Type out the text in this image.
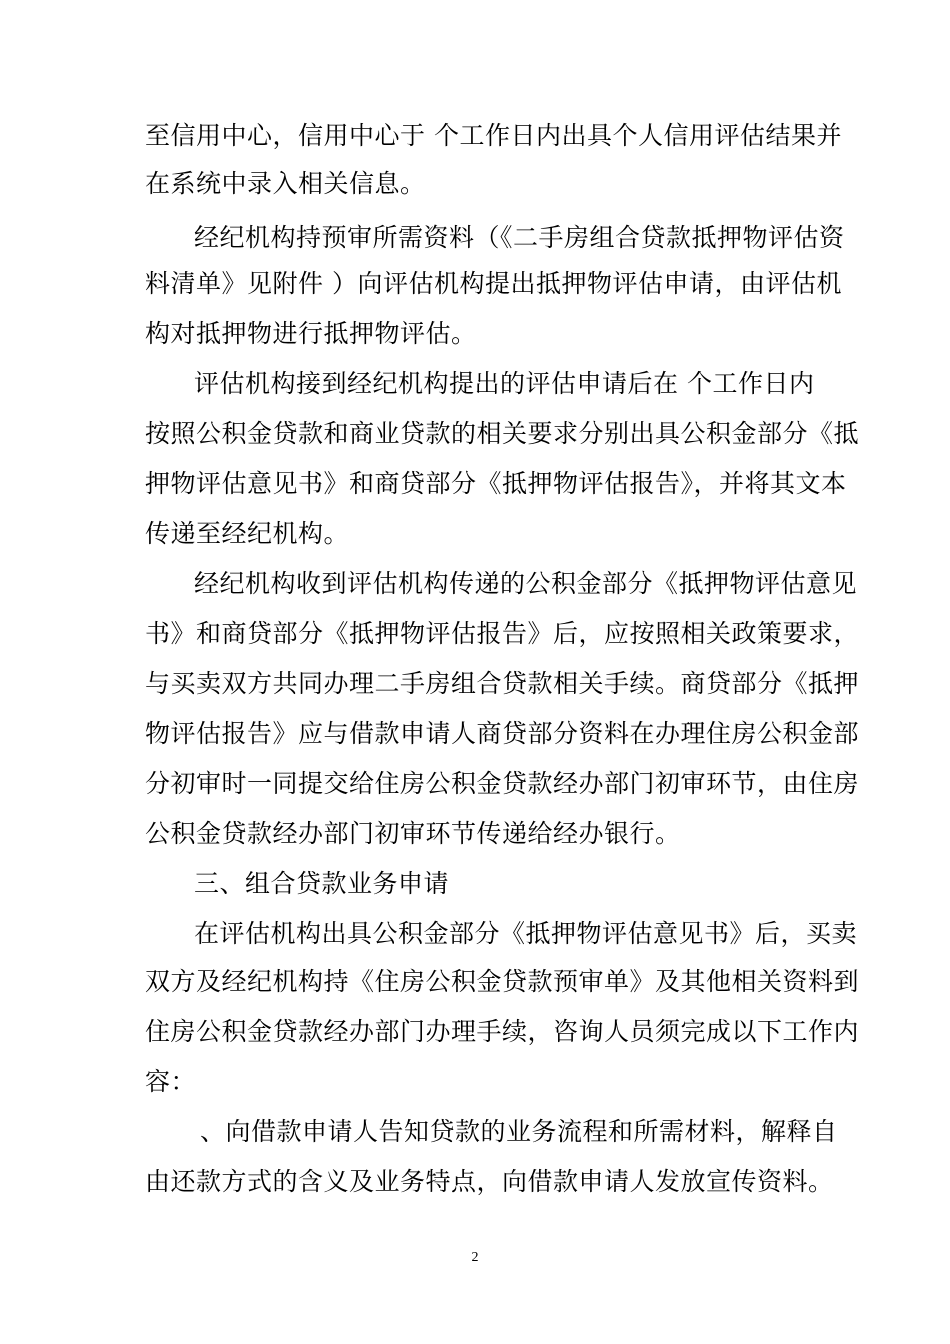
至信用中心，信用中心于 个工作日内出具个人信用评估结果并
在系统中录入相关信息。
经纪机构持预审所需资料（《二手房组合贷款抵押物评估资
料清单》见附件 ）向评估机构提出抵押物评估申请，由评估机
构对抵押物进行抵押物评估。
评估机构接到经纪机构提出的评估申请后在 个工作日内
按照公积金贷款和商业贷款的相关要求分别出具公积金部分《抵
押物评估意见书》和商贷部分《抵押物评估报告》，并将其文本
传递至经纪机构。
经纪机构收到评估机构传递的公积金部分《抵押物评估意见
书》和商贷部分《抵押物评估报告》后，应按照相关政策要求，
与买卖双方共同办理二手房组合贷款相关手续。商贷部分《抵押
物评估报告》应与借款申请人商贷部分资料在办理住房公积金部
分初审时一同提交给住房公积金贷款经办部门初审环节，由住房
公积金贷款经办部门初审环节传递给经办银行。
三、组合贷款业务申请
在评估机构出具公积金部分《抵押物评估意见书》后，买卖
双方及经纪机构持《住房公积金贷款预审单》及其他相关资料到
住房公积金贷款经办部门办理手续，咨询人员须完成以下工作内
容：
、向借款申请人告知贷款的业务流程和所需材料，解释自
由还款方式的含义及业务特点，向借款申请人发放宣传资料。
2
